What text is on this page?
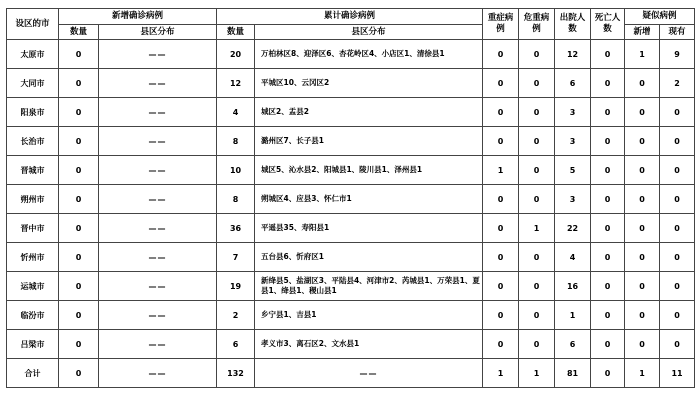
设区的市	新增确诊病例		累计确诊病例		重症病例	危重病例	出院人数	死亡人数	疑似病例	
	数量	县区分布	数量	县区分布					新增	现有
太原市	0	——	20	万柏林区8、迎泽区6、杏花岭区4、小店区1、清徐县1	0	0	12	0	1	9
大同市	0	——	12	平城区10、云冈区2	0	0	6	0	0	2
阳泉市	0	——	4	城区2、盂县2	0	0	3	0	0	0
长治市	0	——	8	潞州区7、长子县1	0	0	3	0	0	0
晋城市	0	——	10	城区5、沁水县2、阳城县1、陵川县1、泽州县1	1	0	5	0	0	0
朔州市	0	——	8	朔城区4、应县3、怀仁市1	0	0	3	0	0	0
晋中市	0	——	36	平遥县35、寿阳县1	0	1	22	0	0	0
忻州市	0	——	7	五台县6、忻府区1	0	0	4	0	0	0
运城市	0	——	19	新绛县5、盐湖区3、平陆县4、河津市2、芮城县1、万荣县1、夏县1、绛县1、稷山县1	0	0	16	0	0	0
临汾市	0	——	2	乡宁县1、吉县1	0	0	1	0	0	0
吕梁市	0	——	6	孝义市3、离石区2、文水县1	0	0	6	0	0	0
合计	0	——	132	——	1	1	81	0	1	11
